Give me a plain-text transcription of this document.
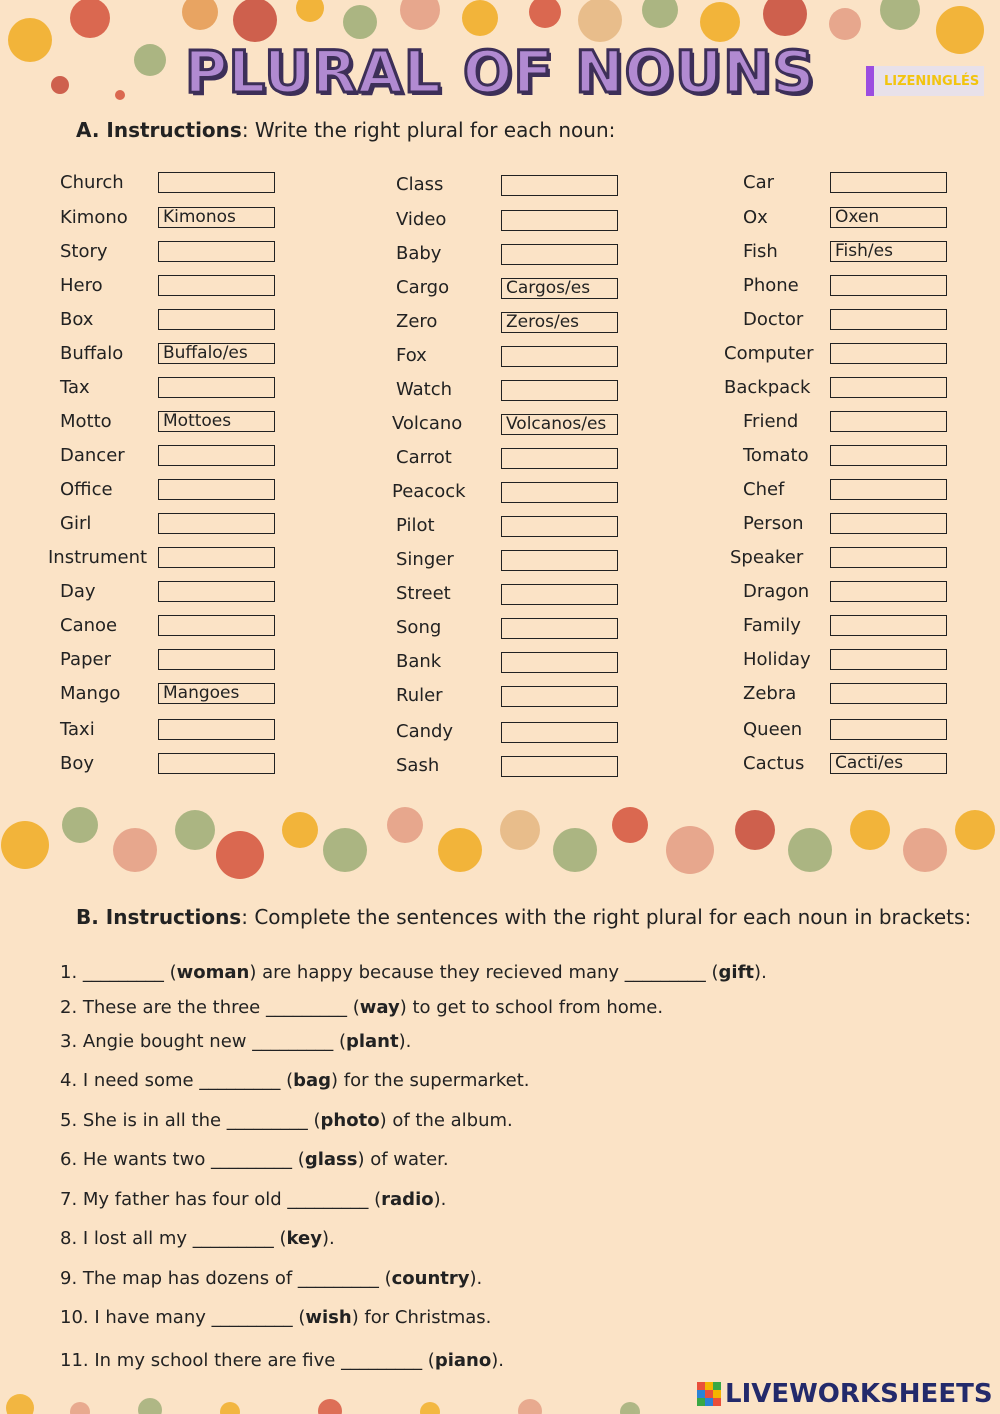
PLURAL OF NOUNS	LIZENINGLÉS
A. Instructions: Write the right plural for each noun:
Church
Kimono Kimonos
Story
Hero
Box
Buffalo Buffalo/es
Tax
Motto	Mottoes
Dancer
Office
Girl
Instrument
Day
Canoe
Paper
Mango	Mangoes
Taxi
Boy
Class
Video
Baby
Cargo	Cargos/es
Zero	Zeros/es
Fox
Watch
Volcano	Volcanos/es
Carrot
Peacock
Pilot
Singer
Street
Song
Bank
Ruler
Candy
Sash
Car
Ox	Oxen
Fish	Fish/es
Phone
Doctor
Computer
Backpack
Friend
Tomato
Chef
Person
Speaker
Dragon
Family
Holiday
Zebra
Queen
Cactus Cacti/es
B. Instructions: Complete the sentences with the right plural for each noun in brackets:
1. _________ (woman) are happy because they recieved many _________ (gift).
2. These are the three _________ (way) to get to school from home.
3. Angie bought new _________ (plant).
4. I need some _________ (bag) for the supermarket.
5. She is in all the _________ (photo) of the album.
6. He wants two _________ (glass) of water.
7. My father has four old _________ (radio).
8. I lost all my _________ (key).
9. The map has dozens of _________ (country).
10. I have many _________ (wish) for Christmas.
11. In my school there are five _________ (piano).
LIVEWORKSHEETS
